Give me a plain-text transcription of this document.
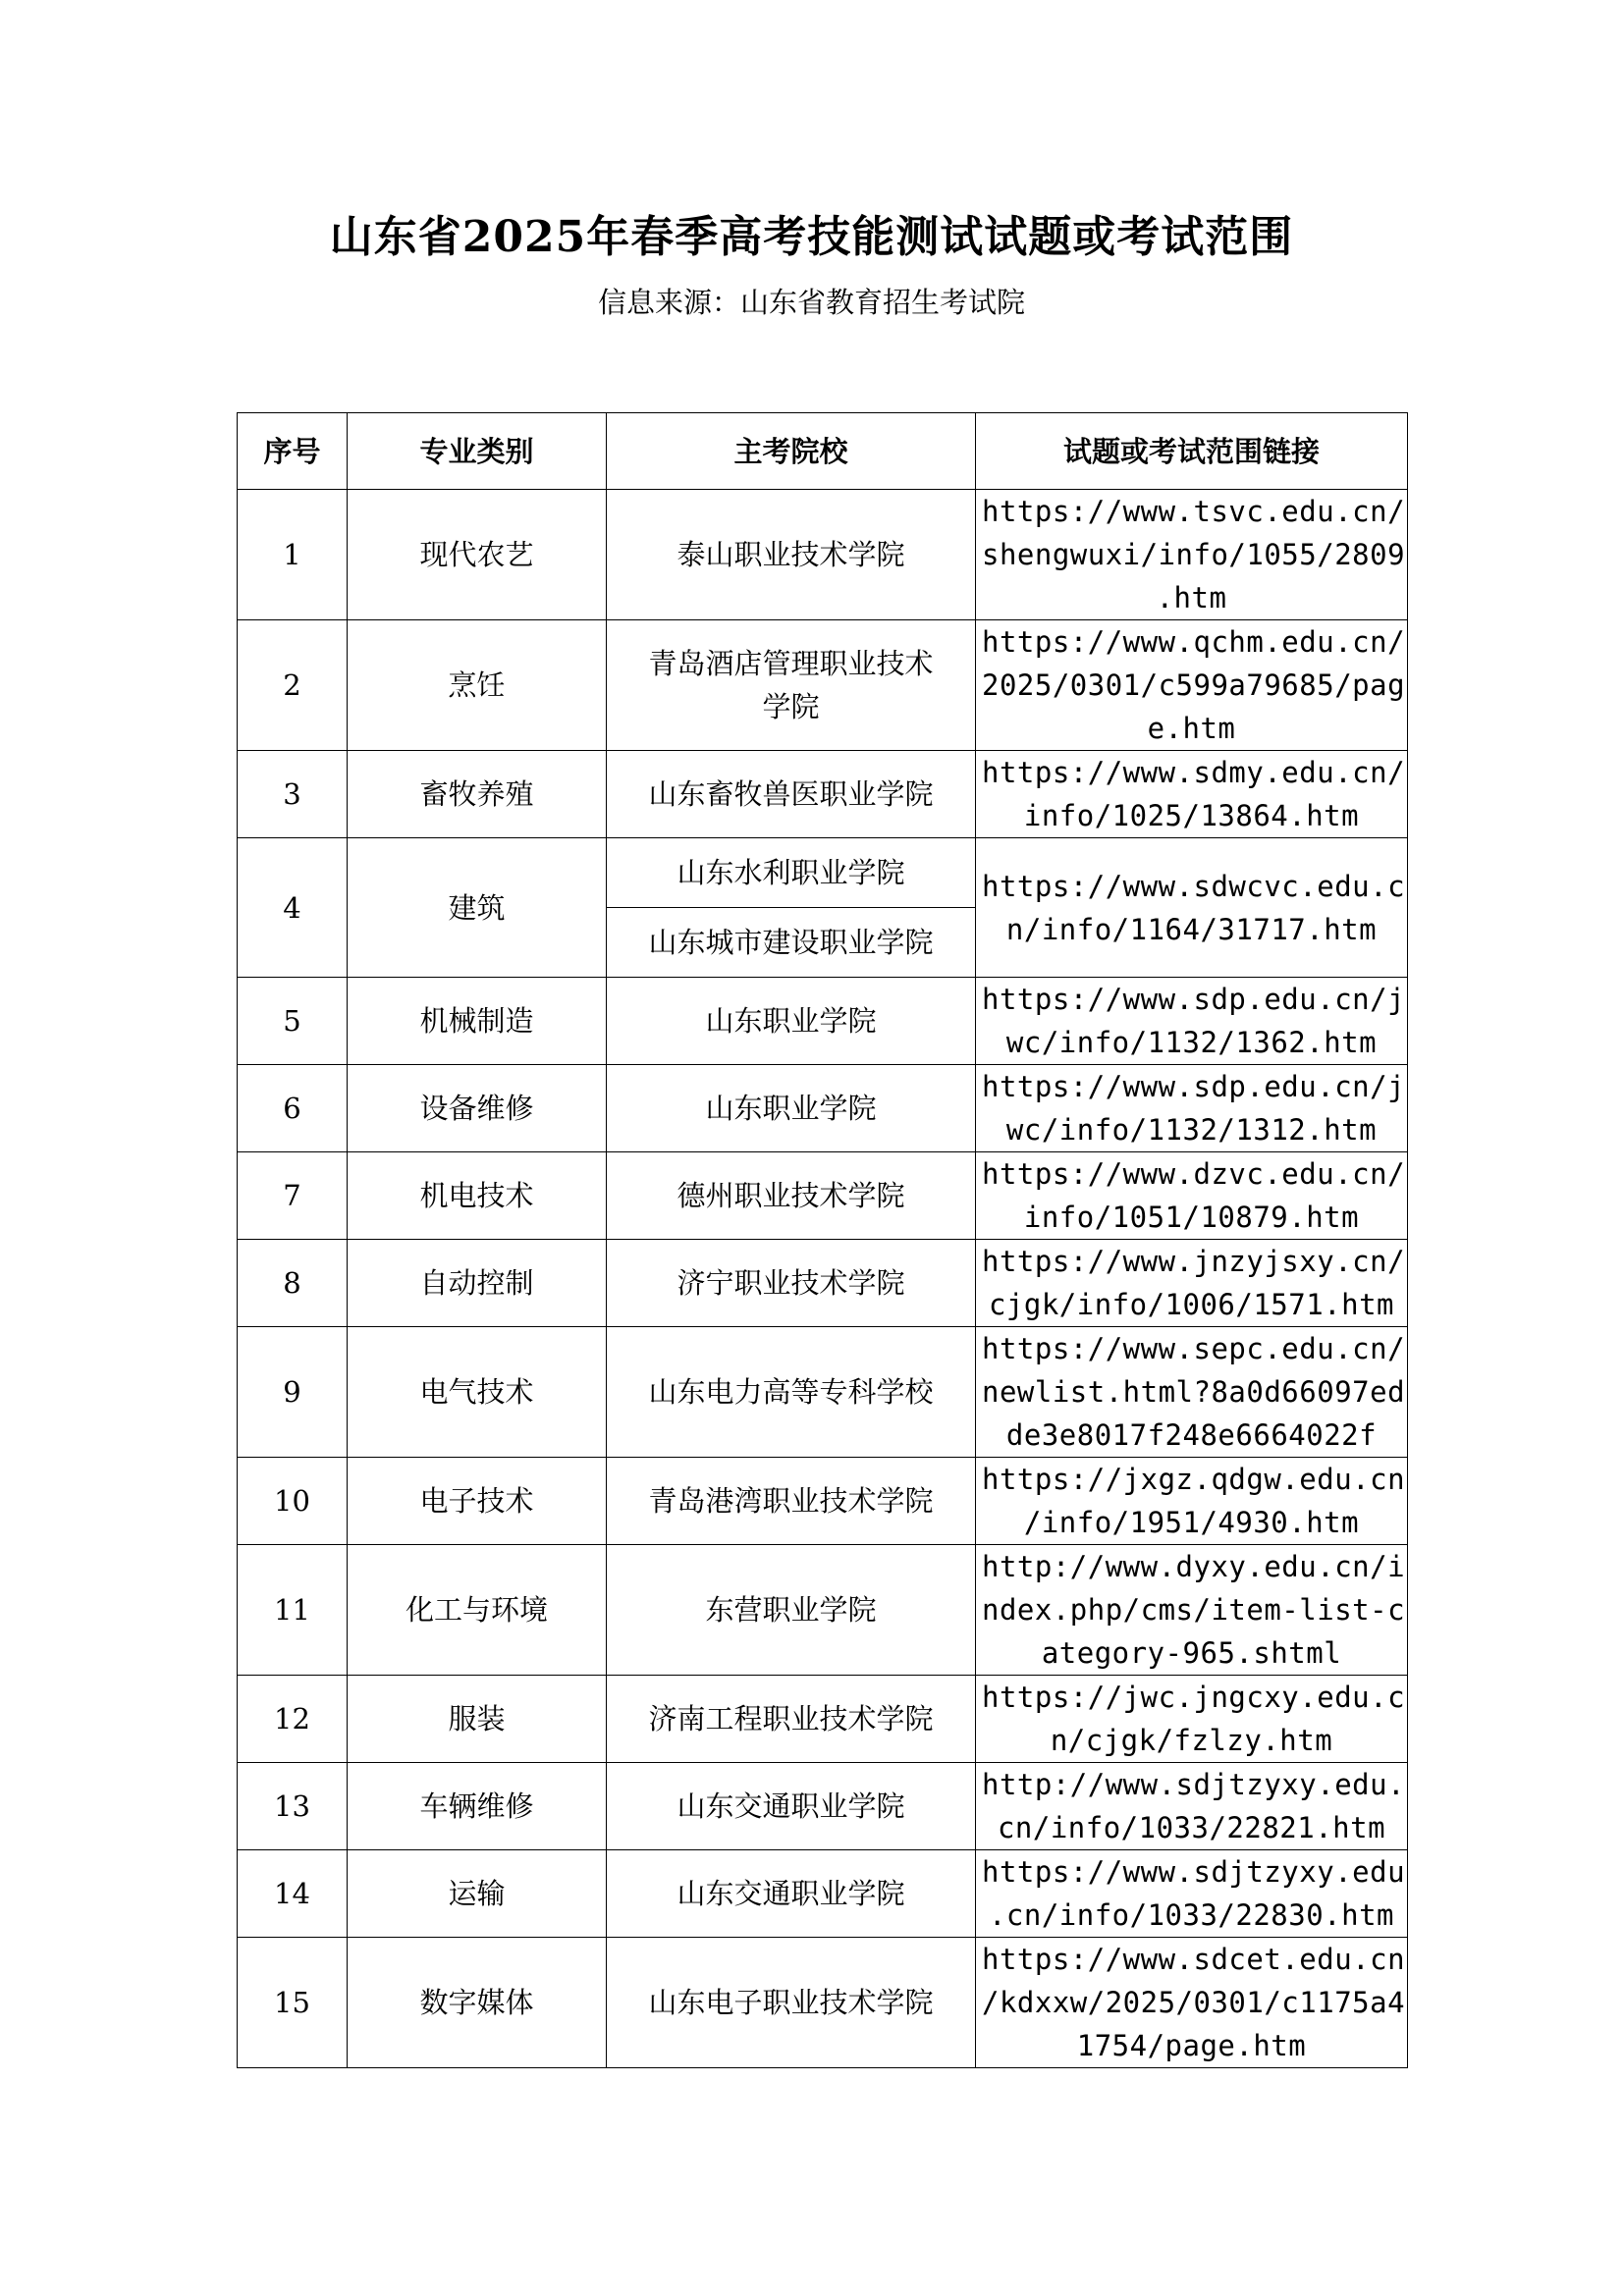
山东省2025年春季高考技能测试试题或考试范围
信息来源：山东省教育招生考试院
序号	专业类别	主考院校	试题或考试范围链接
1	现代农艺	泰山职业技术学院	https://www.tsvc.edu.cn/
shengwuxi/info/1055/2809
.htm

2	烹饪	青岛酒店管理职业技术
学院	https://www.qchm.edu.cn/
2025/0301/c599a79685/pag
e.htm

3	畜牧养殖	山东畜牧兽医职业学院	https://www.sdmy.edu.cn/
info/1025/13864.htm

4	建筑	山东水利职业学院	https://www.sdwcvc.edu.c
n/info/1164/31717.htm

		山东城市建设职业学院	

5	机械制造	山东职业学院	https://www.sdp.edu.cn/j
wc/info/1132/1362.htm

6	设备维修	山东职业学院	https://www.sdp.edu.cn/j
wc/info/1132/1312.htm

7	机电技术	德州职业技术学院	https://www.dzvc.edu.cn/
info/1051/10879.htm

8	自动控制	济宁职业技术学院	https://www.jnzyjsxy.cn/
cjgk/info/1006/1571.htm

9	电气技术	山东电力高等专科学校	https://www.sepc.edu.cn/
newlist.html?8a0d66097ed
de3e8017f248e6664022f

10	电子技术	青岛港湾职业技术学院	https://jxgz.qdgw.edu.cn
/info/1951/4930.htm

11	化工与环境	东营职业学院	http://www.dyxy.edu.cn/i
ndex.php/cms/item-list-c
ategory-965.shtml

12	服装	济南工程职业技术学院	https://jwc.jngcxy.edu.c
n/cjgk/fzlzy.htm

13	车辆维修	山东交通职业学院	http://www.sdjtzyxy.edu.
cn/info/1033/22821.htm

14	运输	山东交通职业学院	https://www.sdjtzyxy.edu
.cn/info/1033/22830.htm

15	数字媒体	山东电子职业技术学院	https://www.sdcet.edu.cn
/kdxxw/2025/0301/c1175a4
1754/page.htm
